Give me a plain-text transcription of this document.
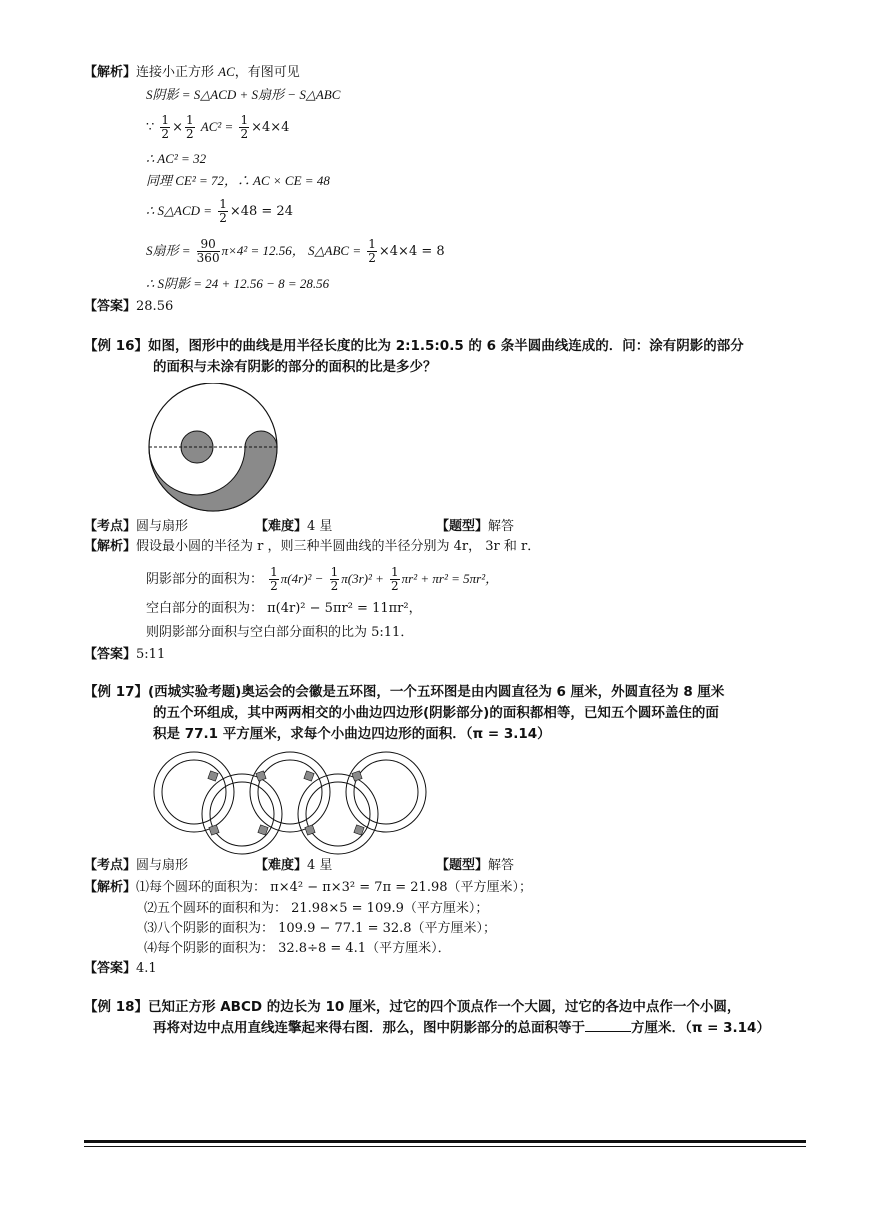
【解析】连接小正方形 AC，有图可见
S阴影 = S△ACD + S扇形 − S△ABC
∵ $\frac{1}{2} \times \frac{1}{2} AC^2 = \frac{1}{2} \times 4\times 4$
∴ AC² = 32
同理 CE² = 72，∴ AC × CE = 48
∴ S△ACD = $\frac{1}{2} \times 48 = 24$
S扇形 = $\frac{90}{360} \pi\times 4^2 = 12.56$， S△ABC = $\frac{1}{2} \times 4\times 4 = 8$
∴ S阴影 = 24 + 12.56 − 8 = 28.56
【答案】28.56
【例 16】如图，图形中的曲线是用半径长度的比为 2:1.5:0.5 的 6 条半圆曲线连成的．问：涂有阴影的部分
的面积与未涂有阴影的部分的面积的比是多少？
【考点】圆与扇形	【难度】4 星	【题型】解答
【解析】假设最小圆的半径为 r ，则三种半圆曲线的半径分别为 4r， 3r 和 r．
阴影部分的面积为： $\frac{1}{2} \pi(4r)^2 - \frac{1}{2} \pi(3r)^2 + \frac{1}{2} \pi r^2 + \pi r^2 = 5\pi r^2$，
空白部分的面积为： π(4r)² − 5πr² = 11πr²，
则阴影部分面积与空白部分面积的比为 5:11．
【答案】5:11
【例 17】(西城实验考题)奥运会的会徽是五环图，一个五环图是由内圆直径为 6 厘米，外圆直径为 8 厘米
的五个环组成，其中两两相交的小曲边四边形(阴影部分)的面积都相等，已知五个圆环盖住的面
积是 77.1 平方厘米，求每个小曲边四边形的面积．（π = 3.14）
【考点】圆与扇形	【难度】4 星	【题型】解答
【解析】⑴每个圆环的面积为： π×4² − π×3² = 7π = 21.98（平方厘米）；
⑵五个圆环的面积和为： 21.98×5 = 109.9（平方厘米）；
⑶八个阴影的面积为： 109.9 − 77.1 = 32.8（平方厘米）；
⑷每个阴影的面积为： 32.8÷8 = 4.1（平方厘米）．
【答案】4.1
【例 18】已知正方形 ABCD 的边长为 10 厘米，过它的四个顶点作一个大圆，过它的各边中点作一个小圆，
再将对边中点用直线连擎起来得右图．那么，图中阴影部分的总面积等于	方厘米．（π = 3.14）
